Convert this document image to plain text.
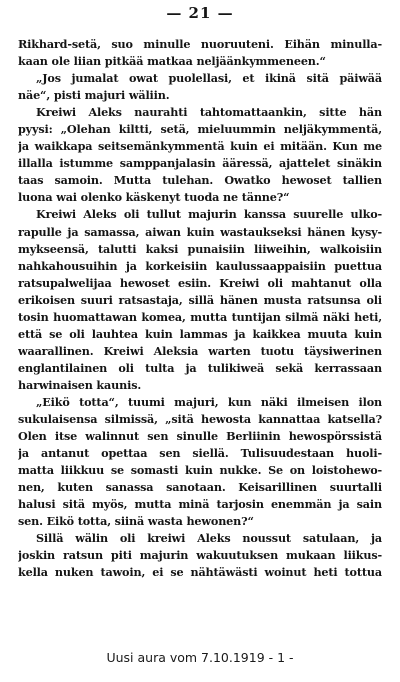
— 21 —
Rikhard-setä, suo minulle nuoruuteni. Eihän minulla-
kaan ole liian pitkää matkaa neljäänkymmeneen.“
„Jos jumalat owat puolellasi, et ikinä sitä päiwää
näe“, pisti majuri wäliin.
Kreiwi Aleks naurahti tahtomattaankin, sitte hän
pyysi: „Olehan kiltti, setä, mieluummin neljäkymmentä,
ja waikkapa seitsemänkymmentä kuin ei mitään. Kun me
illalla istumme samppanjalasin ääressä, ajattelet sinäkin
taas samoin. Mutta tulehan. Owatko hewoset tallien
luona wai olenko käskenyt tuoda ne tänne?“
Kreiwi Aleks oli tullut majurin kanssa suurelle ulko-
rapulle ja samassa, aiwan kuin wastaukseksi hänen kysy-
mykseensä, talutti kaksi punaisiin liiweihin, walkoisiin
nahkahousuihin ja korkeisiin kaulussaappaisiin puettua
ratsupalwelijaa hewoset esiin. Kreiwi oli mahtanut olla
erikoisen suuri ratsastaja, sillä hänen musta ratsunsa oli
tosin huomattawan komea, mutta tuntijan silmä näki heti,
että se oli lauhtea kuin lammas ja kaikkea muuta kuin
waarallinen. Kreiwi Aleksia warten tuotu täysiwerinen
englantilainen oli tulta ja tulikiweä sekä kerrassaan
harwinaisen kaunis.
„Eikö totta“, tuumi majuri, kun näki ilmeisen ilon
sukulaisensa silmissä, „sitä hewosta kannattaa katsella?
Olen itse walinnut sen sinulle Berliinin hewospörssistä
ja antanut opettaa sen siellä. Tulisuudestaan huoli-
matta liikkuu se somasti kuin nukke. Se on loistohewo-
nen, kuten sanassa sanotaan. Keisarillinen suurtalli
halusi sitä myös, mutta minä tarjosin enemmän ja sain
sen. Eikö totta, siinä wasta hewonen?“
Sillä wälin oli kreiwi Aleks noussut satulaan, ja
joskin ratsun piti majurin wakuutuksen mukaan liikus-
kella nuken tawoin, ei se nähtäwästi woinut heti tottua
Uusi aura vom 7.10.1919 - 1 -
